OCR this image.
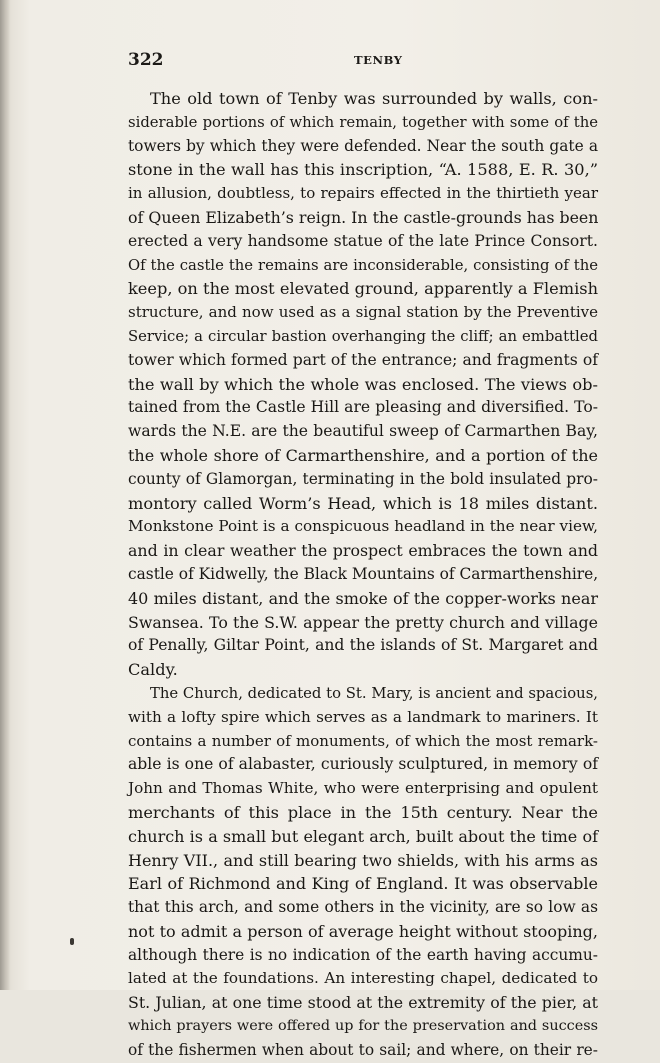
322	TENBY
The old town of Tenby was surrounded by walls, con-
siderable portions of which remain, together with some of the
towers by which they were defended. Near the south gate a
stone in the wall has this inscription, “A. 1588, E. R. 30,”
in allusion, doubtless, to repairs effected in the thirtieth year
of Queen Elizabeth’s reign. In the castle-grounds has been
erected a very handsome statue of the late Prince Consort.
Of the castle the remains are inconsiderable, consisting of the
keep, on the most elevated ground, apparently a Flemish
structure, and now used as a signal station by the Preventive
Service; a circular bastion overhanging the cliff; an embattled
tower which formed part of the entrance; and fragments of
the wall by which the whole was enclosed. The views ob-
tained from the Castle Hill are pleasing and diversified. To-
wards the N.E. are the beautiful sweep of Carmarthen Bay,
the whole shore of Carmarthenshire, and a portion of the
county of Glamorgan, terminating in the bold insulated pro-
montory called Worm’s Head, which is 18 miles distant.
Monkstone Point is a conspicuous headland in the near view,
and in clear weather the prospect embraces the town and
castle of Kidwelly, the Black Mountains of Carmarthenshire,
40 miles distant, and the smoke of the copper-works near
Swansea. To the S.W. appear the pretty church and village
of Penally, Giltar Point, and the islands of St. Margaret and
Caldy.
The Church, dedicated to St. Mary, is ancient and spacious,
with a lofty spire which serves as a landmark to mariners. It
contains a number of monuments, of which the most remark-
able is one of alabaster, curiously sculptured, in memory of
John and Thomas White, who were enterprising and opulent
merchants of this place in the 15th century. Near the
church is a small but elegant arch, built about the time of
Henry VII., and still bearing two shields, with his arms as
Earl of Richmond and King of England. It was observable
that this arch, and some others in the vicinity, are so low as
not to admit a person of average height without stooping,
although there is no indication of the earth having accumu-
lated at the foundations. An interesting chapel, dedicated to
St. Julian, at one time stood at the extremity of the pier, at
which prayers were offered up for the preservation and success
of the fishermen when about to sail; and where, on their re-
